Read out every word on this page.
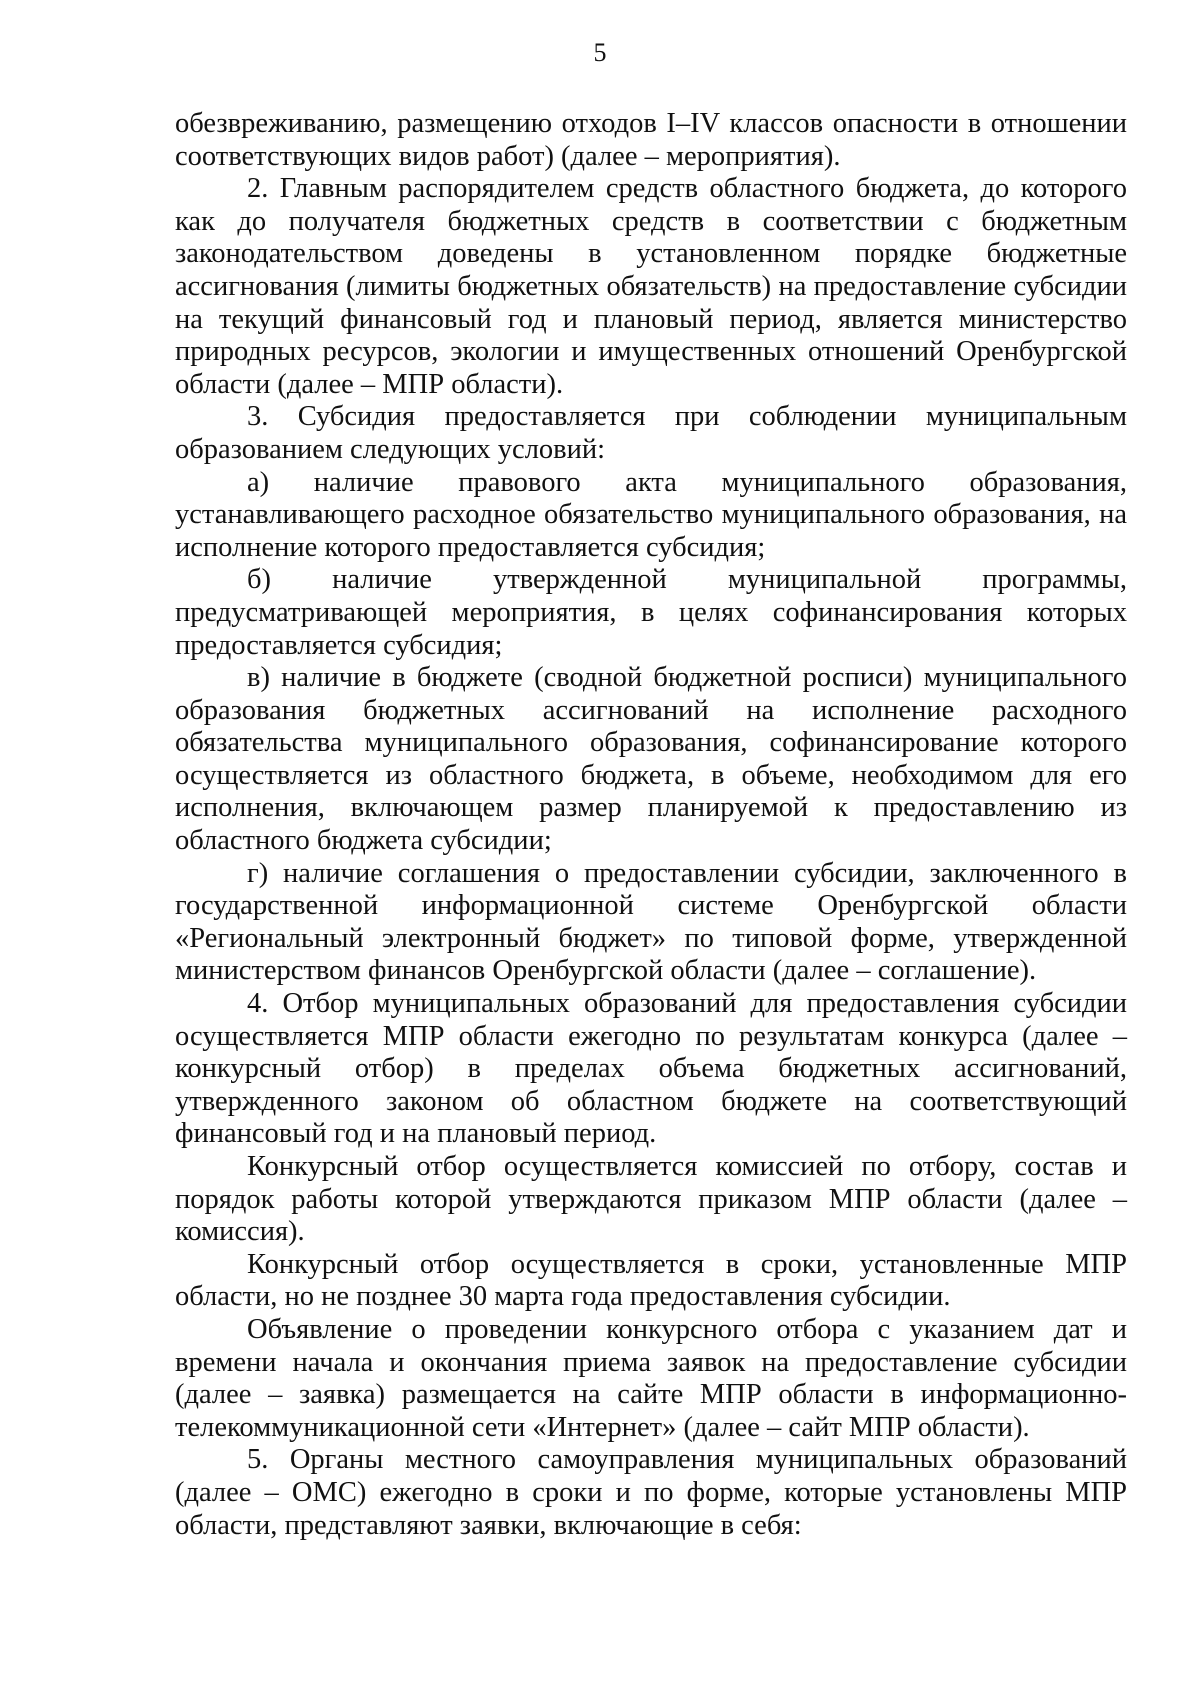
5

обезвреживанию, размещению отходов I–IV классов опасности в отношении соответствующих видов работ) (далее – мероприятия).

2. Главным распорядителем средств областного бюджета, до которого как до получателя бюджетных средств в соответствии с бюджетным законодательством доведены в установленном порядке бюджетные ассигнования (лимиты бюджетных обязательств) на предоставление субсидии на текущий финансовый год и плановый период, является министерство природных ресурсов, экологии и имущественных отношений Оренбургской области (далее – МПР области).

3. Субсидия предоставляется при соблюдении муниципальным образованием следующих условий:

а) наличие правового акта муниципального образования, устанавливающего расходное обязательство муниципального образования, на исполнение которого предоставляется субсидия;

б) наличие утвержденной муниципальной программы, предусматривающей мероприятия, в целях софинансирования которых предоставляется субсидия;

в) наличие в бюджете (сводной бюджетной росписи) муниципального образования бюджетных ассигнований на исполнение расходного обязательства муниципального образования, софинансирование которого осуществляется из областного бюджета, в объеме, необходимом для его исполнения, включающем размер планируемой к предоставлению из областного бюджета субсидии;

г) наличие соглашения о предоставлении субсидии, заключенного в государственной информационной системе Оренбургской области «Региональный электронный бюджет» по типовой форме, утвержденной министерством финансов Оренбургской области (далее – соглашение).

4. Отбор муниципальных образований для предоставления субсидии осуществляется МПР области ежегодно по результатам конкурса (далее – конкурсный отбор) в пределах объема бюджетных ассигнований, утвержденного законом об областном бюджете на соответствующий финансовый год и на плановый период.

Конкурсный отбор осуществляется комиссией по отбору, состав и порядок работы которой утверждаются приказом МПР области (далее – комиссия).

Конкурсный отбор осуществляется в сроки, установленные МПР области, но не позднее 30 марта года предоставления субсидии.

Объявление о проведении конкурсного отбора с указанием дат и времени начала и окончания приема заявок на предоставление субсидии (далее – заявка) размещается на сайте МПР области в информационно-телекоммуникационной сети «Интернет» (далее – сайт МПР области).

5. Органы местного самоуправления муниципальных образований (далее – ОМС) ежегодно в сроки и по форме, которые установлены МПР области, представляют заявки, включающие в себя:
